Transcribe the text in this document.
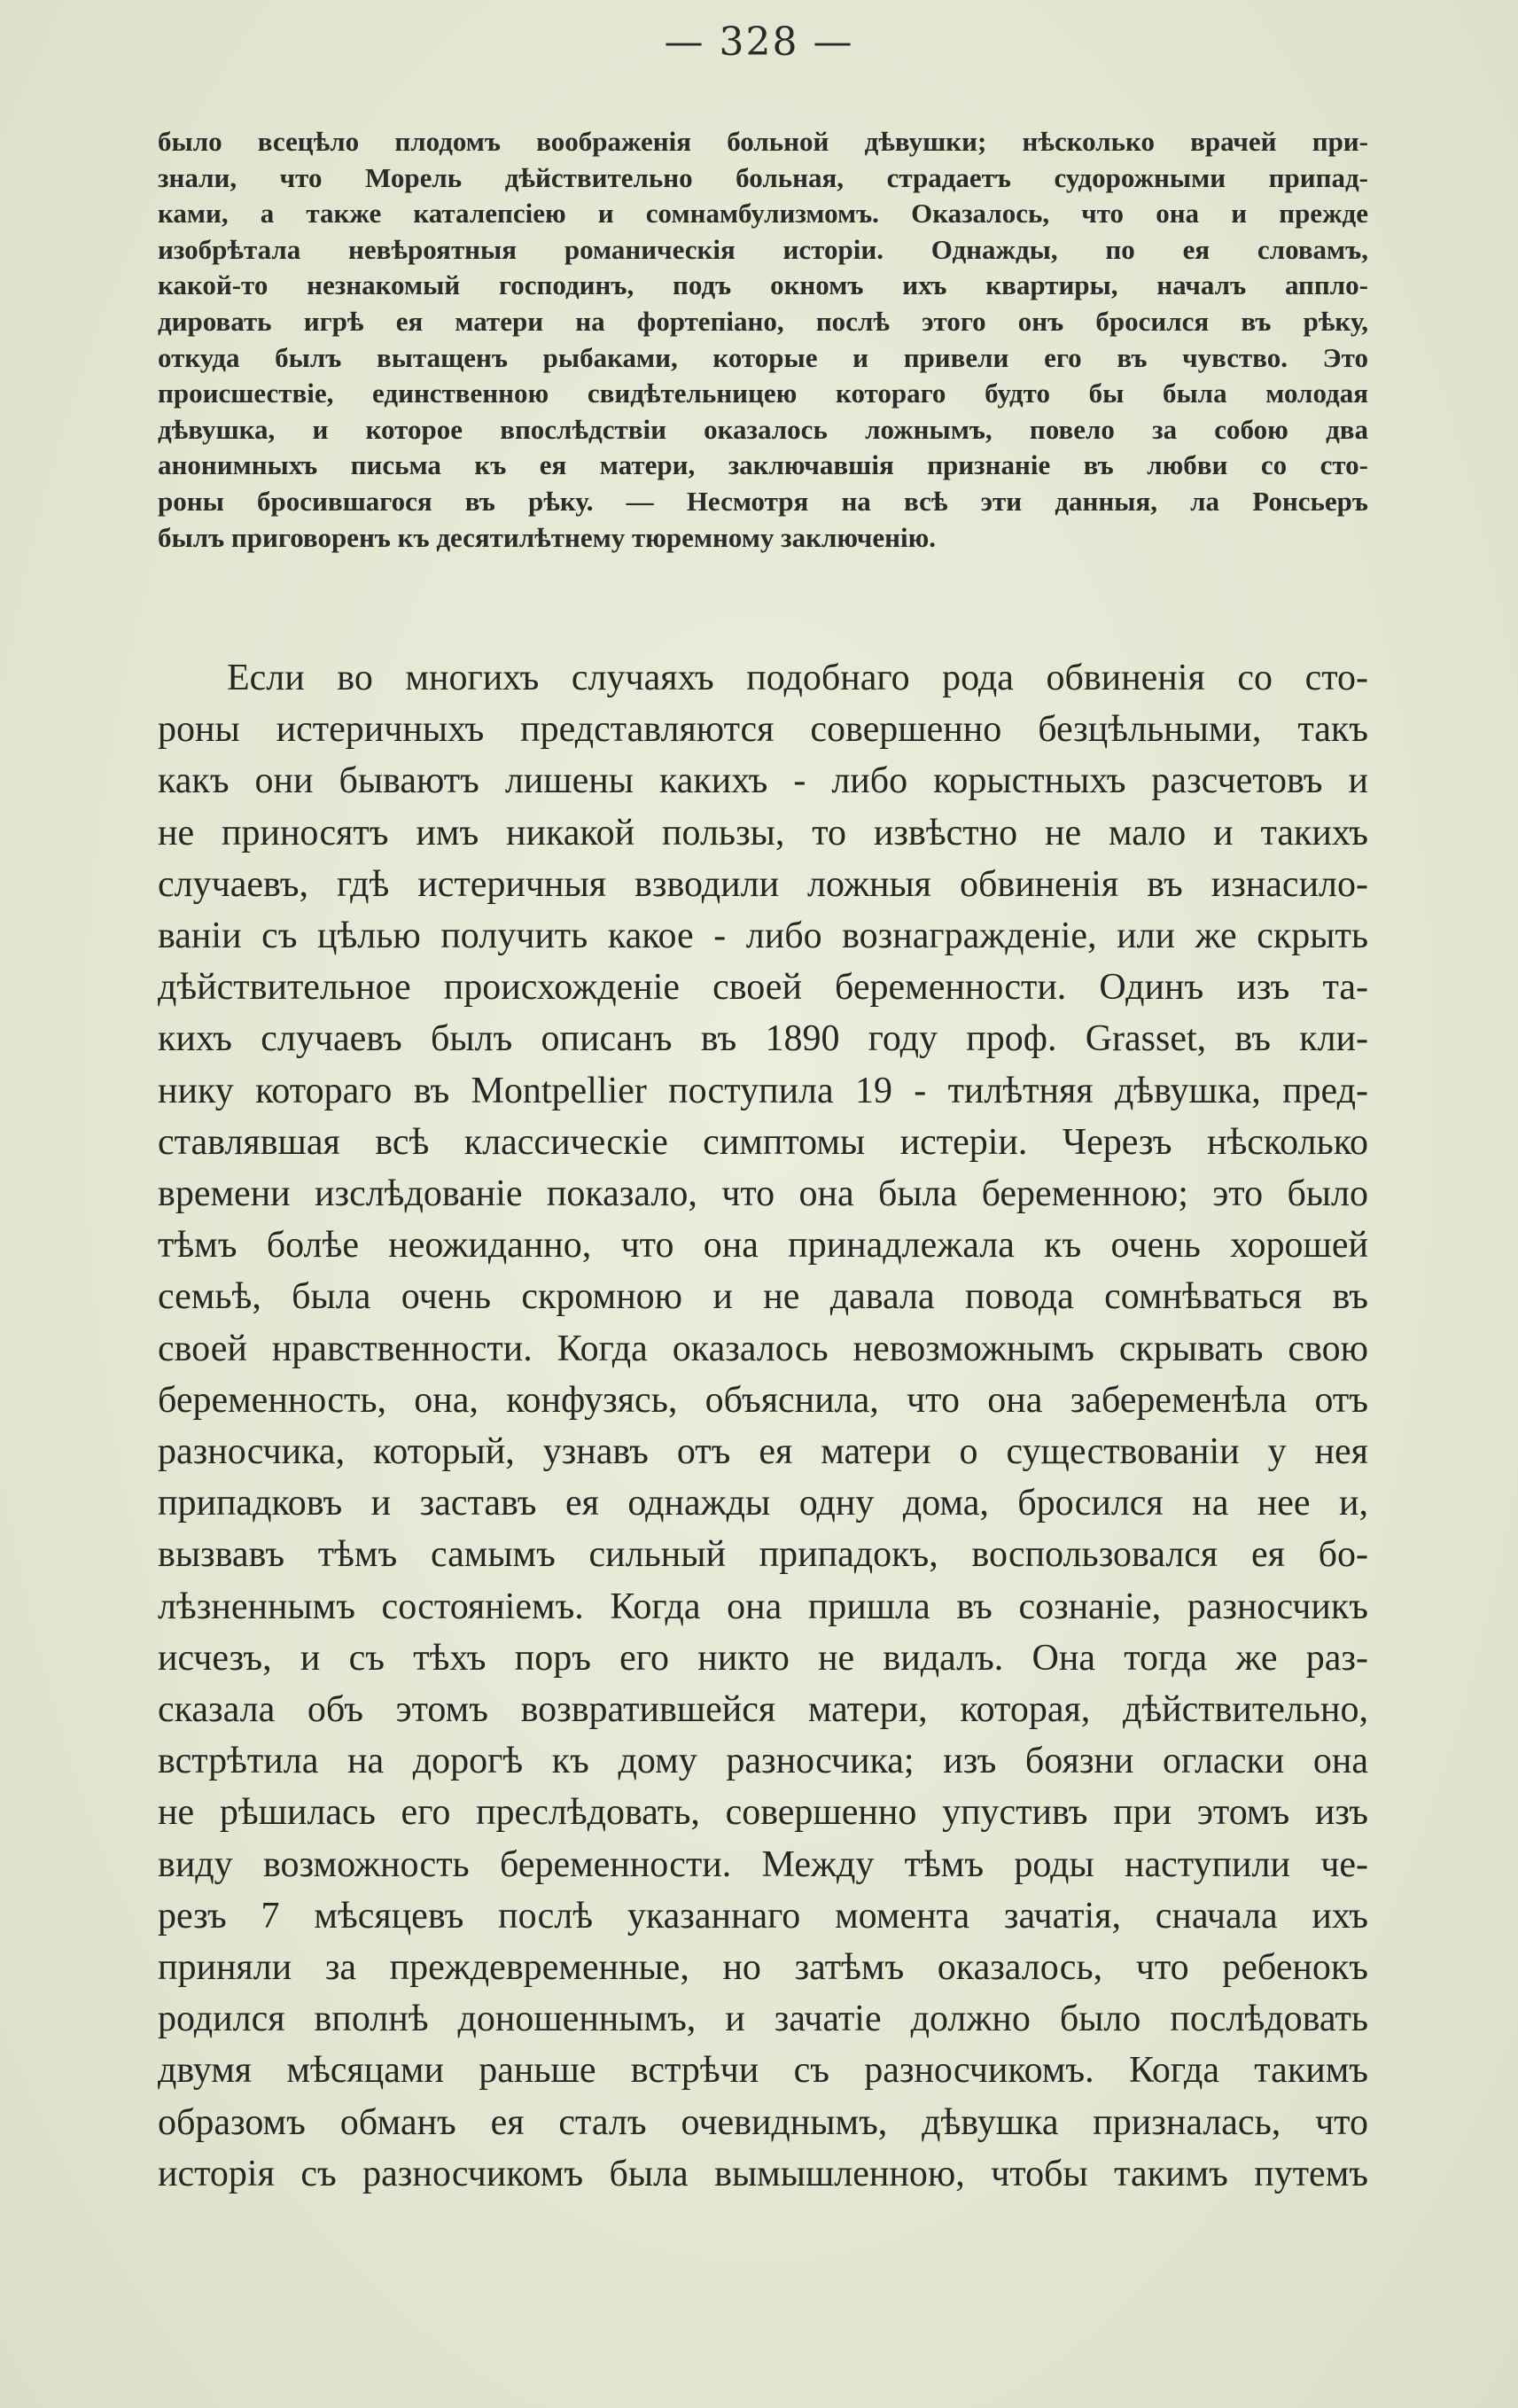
— 328 —
было всецѣло плодомъ воображенія больной дѣвушки; нѣсколько врачей при-
знали, что Морель дѣйствительно больная, страдаетъ судорожными припад-
ками, а также каталепсіею и сомнамбулизмомъ. Оказалось, что она и прежде
изобрѣтала невѣроятныя романическія исторіи. Однажды, по ея словамъ,
какой-то незнакомый господинъ, подъ окномъ ихъ квартиры, началъ аппло-
дировать игрѣ ея матери на фортепіано, послѣ этого онъ бросился въ рѣку,
откуда былъ вытащенъ рыбаками, которые и привели его въ чувство. Это
происшествіе, единственною свидѣтельницею котораго будто бы была молодая
дѣвушка, и которое впослѣдствіи оказалось ложнымъ, повело за собою два
анонимныхъ письма къ ея матери, заключавшія признаніе въ любви со сто-
роны бросившагося въ рѣку. — Несмотря на всѣ эти данныя, ла Ронсьеръ
былъ приговоренъ къ десятилѣтнему тюремному заключенію.
Если во многихъ случаяхъ подобнаго рода обвиненія со сто-
роны истеричныхъ представляются совершенно безцѣльными, такъ
какъ они бываютъ лишены какихъ - либо корыстныхъ разсчетовъ и
не приносятъ имъ никакой пользы, то извѣстно не мало и такихъ
случаевъ, гдѣ истеричныя взводили ложныя обвиненія въ изнасило-
ваніи съ цѣлью получить какое - либо вознагражденіе, или же скрыть
дѣйствительное происхожденіе своей беременности. Одинъ изъ та-
кихъ случаевъ былъ описанъ въ 1890 году проф. Grasset, въ кли-
нику котораго въ Montpellier поступила 19 - тилѣтняя дѣвушка, пред-
ставлявшая всѣ классическіе симптомы истеріи. Черезъ нѣсколько
времени изслѣдованіе показало, что она была беременною; это было
тѣмъ болѣе неожиданно, что она принадлежала къ очень хорошей
семьѣ, была очень скромною и не давала повода сомнѣваться въ
своей нравственности. Когда оказалось невозможнымъ скрывать свою
беременность, она, конфузясь, объяснила, что она забеременѣла отъ
разносчика, который, узнавъ отъ ея матери о существованіи у нея
припадковъ и заставъ ея однажды одну дома, бросился на нее и,
вызвавъ тѣмъ самымъ сильный припадокъ, воспользовался ея бо-
лѣзненнымъ состояніемъ. Когда она пришла въ сознаніе, разносчикъ
исчезъ, и съ тѣхъ поръ его никто не видалъ. Она тогда же раз-
сказала объ этомъ возвратившейся матери, которая, дѣйствительно,
встрѣтила на дорогѣ къ дому разносчика; изъ боязни огласки она
не рѣшилась его преслѣдовать, совершенно упустивъ при этомъ изъ
виду возможность беременности. Между тѣмъ роды наступили че-
резъ 7 мѣсяцевъ послѣ указаннаго момента зачатія, сначала ихъ
приняли за преждевременные, но затѣмъ оказалось, что ребенокъ
родился вполнѣ доношеннымъ, и зачатіе должно было послѣдовать
двумя мѣсяцами раньше встрѣчи съ разносчикомъ. Когда такимъ
образомъ обманъ ея сталъ очевиднымъ, дѣвушка призналась, что
исторія съ разносчикомъ была вымышленною, чтобы такимъ путемъ
